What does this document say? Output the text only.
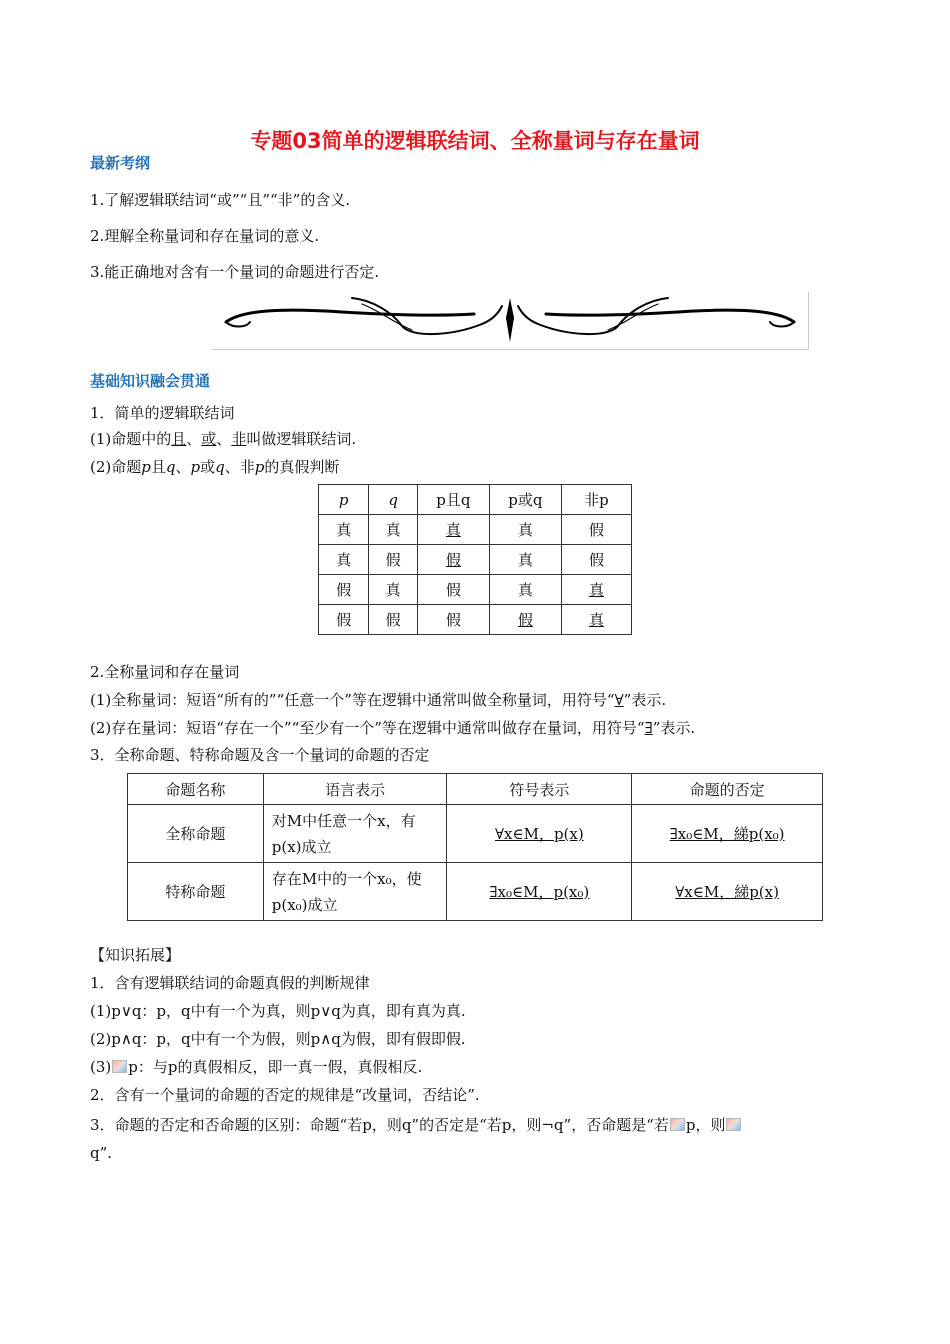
专题03简单的逻辑联结词、全称量词与存在量词
最新考纲
1.了解逻辑联结词“或”“且”“非”的含义.
2.理解全称量词和存在量词的意义.
3.能正确地对含有一个量词的命题进行否定.
基础知识融会贯通
1．简单的逻辑联结词
(1)命题中的且、或、非叫做逻辑联结词.
(2)命题p且q、p或q、非p的真假判断
p	q	p且q	p或q	非p
真	真	真	真	假
真	假	假	真	假
假	真	假	真	真
假	假	假	假	真
2.全称量词和存在量词
(1)全称量词：短语“所有的”“任意一个”等在逻辑中通常叫做全称量词，用符号“∀”表示.
(2)存在量词：短语“存在一个”“至少有一个”等在逻辑中通常叫做存在量词，用符号“∃”表示.
3．全称命题、特称命题及含一个量词的命题的否定
命题名称	语言表示	符号表示	命题的否定
全称命题	对M中任意一个x，有
p(x)成立	∀x∈M，p(x)	∃x₀∈M，綈p(x₀)
特称命题	存在M中的一个x₀，使
p(x₀)成立	∃x₀∈M，p(x₀)	∀x∈M，綈p(x)
【知识拓展】
1．含有逻辑联结词的命题真假的判断规律
(1)p∨q：p，q中有一个为真，则p∨q为真，即有真为真.
(2)p∧q：p，q中有一个为假，则p∧q为假，即有假即假.
(3) p：与p的真假相反，即一真一假，真假相反.
2．含有一个量词的命题的否定的规律是“改量词，否结论”.
3．命题的否定和否命题的区别：命题“若p，则q”的否定是“若p，则¬q”，否命题是“若 p，则
q”.
